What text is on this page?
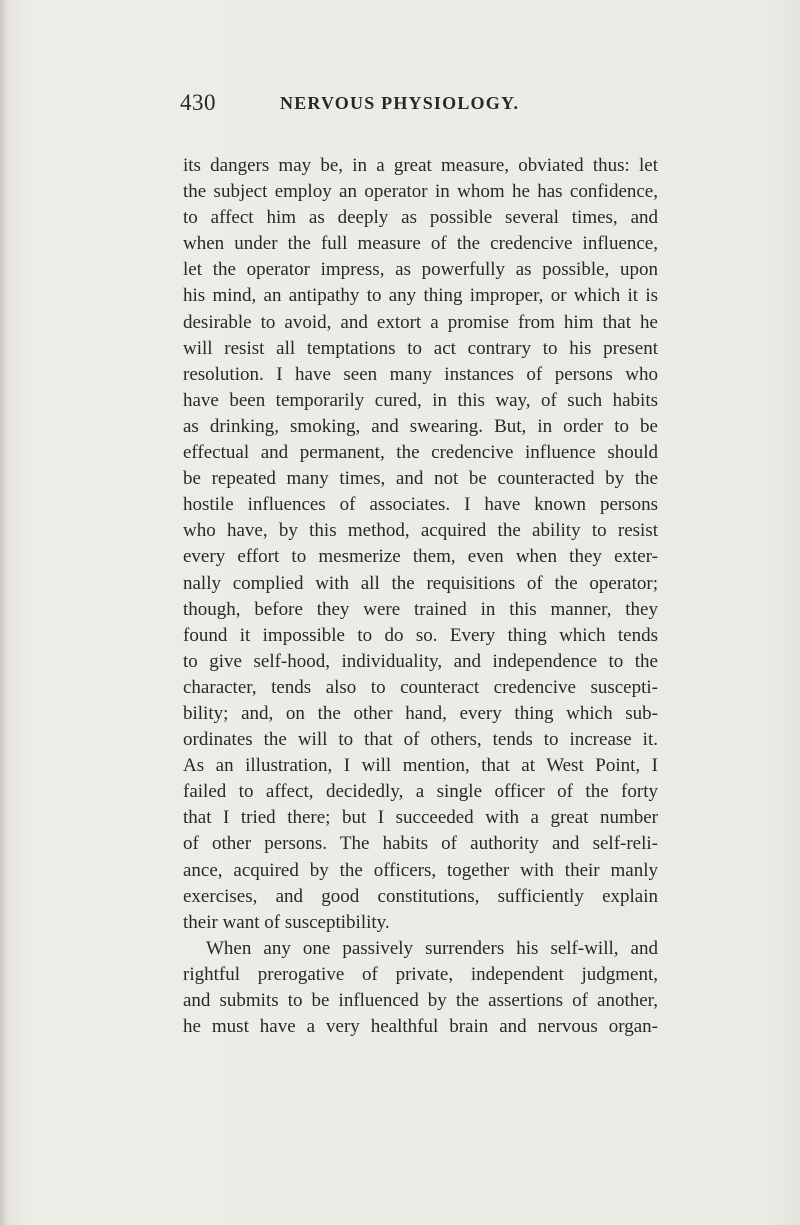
430	NERVOUS PHYSIOLOGY.
its dangers may be, in a great measure, obviated thus: let
the subject employ an operator in whom he has confidence,
to affect him as deeply as possible several times, and
when under the full measure of the credencive influence,
let the operator impress, as powerfully as possible, upon
his mind, an antipathy to any thing improper, or which it is
desirable to avoid, and extort a promise from him that he
will resist all temptations to act contrary to his present
resolution. I have seen many instances of persons who
have been temporarily cured, in this way, of such habits
as drinking, smoking, and swearing. But, in order to be
effectual and permanent, the credencive influence should
be repeated many times, and not be counteracted by the
hostile influences of associates. I have known persons
who have, by this method, acquired the ability to resist
every effort to mesmerize them, even when they exter-
nally complied with all the requisitions of the operator;
though, before they were trained in this manner, they
found it impossible to do so. Every thing which tends
to give self-hood, individuality, and independence to the
character, tends also to counteract credencive suscepti-
bility; and, on the other hand, every thing which sub-
ordinates the will to that of others, tends to increase it.
As an illustration, I will mention, that at West Point, I
failed to affect, decidedly, a single officer of the forty
that I tried there; but I succeeded with a great number
of other persons. The habits of authority and self-reli-
ance, acquired by the officers, together with their manly
exercises, and good constitutions, sufficiently explain
their want of susceptibility.
When any one passively surrenders his self-will, and
rightful prerogative of private, independent judgment,
and submits to be influenced by the assertions of another,
he must have a very healthful brain and nervous organ-
